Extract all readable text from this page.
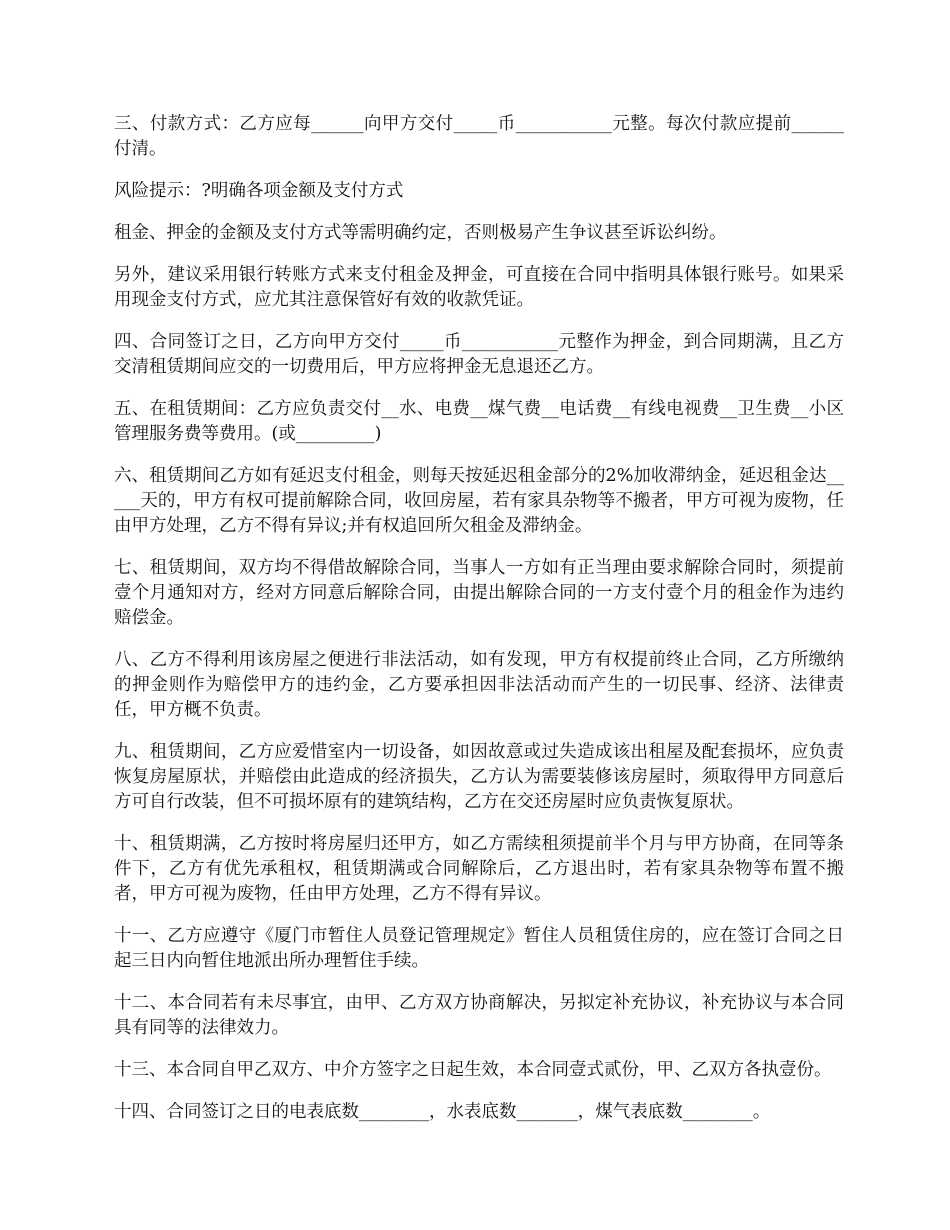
三、付款方式：乙方应每______向甲方交付_____币___________元整。每次付款应提前______付清。

风险提示：?明确各项金额及支付方式

租金、押金的金额及支付方式等需明确约定，否则极易产生争议甚至诉讼纠纷。

另外，建议采用银行转账方式来支付租金及押金，可直接在合同中指明具体银行账号。如果采用现金支付方式，应尤其注意保管好有效的收款凭证。

四、合同签订之日，乙方向甲方交付_____币___________元整作为押金，到合同期满，且乙方交清租赁期间应交的一切费用后，甲方应将押金无息退还乙方。

五、在租赁期间：乙方应负责交付__水、电费__煤气费__电话费__有线电视费__卫生费__小区管理服务费等费用。(或_________)

六、租赁期间乙方如有延迟支付租金，则每天按延迟租金部分的2%加收滞纳金，延迟租金达_____天的，甲方有权可提前解除合同，收回房屋，若有家具杂物等不搬者，甲方可视为废物，任由甲方处理，乙方不得有异议;并有权追回所欠租金及滞纳金。

七、租赁期间，双方均不得借故解除合同，当事人一方如有正当理由要求解除合同时，须提前壹个月通知对方，经对方同意后解除合同，由提出解除合同的一方支付壹个月的租金作为违约赔偿金。

八、乙方不得利用该房屋之便进行非法活动，如有发现，甲方有权提前终止合同，乙方所缴纳的押金则作为赔偿甲方的违约金，乙方要承担因非法活动而产生的一切民事、经济、法律责任，甲方概不负责。

九、租赁期间，乙方应爱惜室内一切设备，如因故意或过失造成该出租屋及配套损坏，应负责恢复房屋原状，并赔偿由此造成的经济损失，乙方认为需要装修该房屋时，须取得甲方同意后方可自行改装，但不可损坏原有的建筑结构，乙方在交还房屋时应负责恢复原状。

十、租赁期满，乙方按时将房屋归还甲方，如乙方需续租须提前半个月与甲方协商，在同等条件下，乙方有优先承租权，租赁期满或合同解除后，乙方退出时，若有家具杂物等布置不搬者，甲方可视为废物，任由甲方处理，乙方不得有异议。

十一、乙方应遵守《厦门市暂住人员登记管理规定》暂住人员租赁住房的，应在签订合同之日起三日内向暂住地派出所办理暂住手续。

十二、本合同若有未尽事宜，由甲、乙方双方协商解决，另拟定补充协议，补充协议与本合同具有同等的法律效力。

十三、本合同自甲乙双方、中介方签字之日起生效，本合同壹式贰份，甲、乙双方各执壹份。

十四、合同签订之日的电表底数________，水表底数_______，煤气表底数________。
